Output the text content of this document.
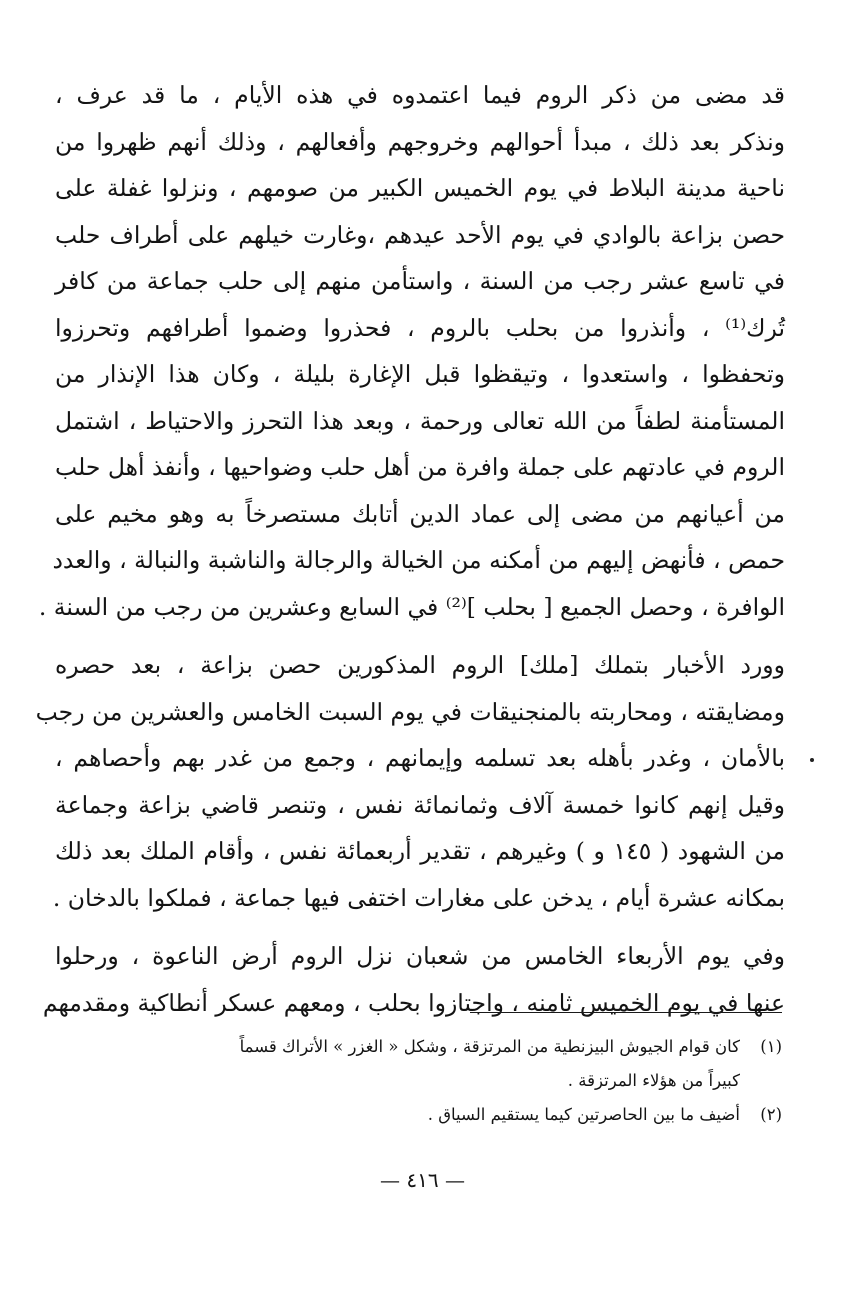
قد مضى من ذكر الروم فيما اعتمدوه في هذه الأيام ، ما قد عرف ،
ونذكر بعد ذلك ، مبدأ أحوالهم وخروجهم وأفعالهم ، وذلك أنهم ظهروا من
ناحية مدينة البلاط في يوم الخميس الكبير من صومهم ، ونزلوا غفلة على
حصن بزاعة بالوادي في يوم الأحد عيدهم ،وغارت خيلهم على أطراف حلب
في تاسع عشر رجب من السنة ، واستأمن منهم إلى حلب جماعة من كافر
تُرك⁽¹⁾ ، وأنذروا من بحلب بالروم ، فحذروا وضموا أطرافهم وتحرزوا
وتحفظوا ، واستعدوا ، وتيقظوا قبل الإغارة بليلة ، وكان هذا الإنذار من
المستأمنة لطفاً من الله تعالى ورحمة ، وبعد هذا التحرز والاحتياط ، اشتمل
الروم في عادتهم على جملة وافرة من أهل حلب وضواحيها ، وأنفذ أهل حلب
من أعيانهم من مضى إلى عماد الدين أتابك مستصرخاً به وهو مخيم على
حمص ، فأنهض إليهم من أمكنه من الخيالة والرجالة والناشبة والنبالة ، والعدد
الوافرة ، وحصل الجميع [ بحلب ]⁽²⁾ في السابع وعشرين من رجب من السنة .

وورد الأخبار بتملك [ملك] الروم المذكورين حصن بزاعة ، بعد حصره
ومضايقته ، ومحاربته بالمنجنيقات في يوم السبت الخامس والعشرين من رجب
بالأمان ، وغدر بأهله بعد تسلمه وإيمانهم ، وجمع من غدر بهم وأحصاهم ،
وقيل إنهم كانوا خمسة آلاف وثمانمائة نفس ، وتنصر قاضي بزاعة وجماعة
من الشهود ( ١٤٥ و ) وغيرهم ، تقدير أربعمائة نفس ، وأقام الملك بعد ذلك
بمكانه عشرة أيام ، يدخن على مغارات اختفى فيها جماعة ، فملكوا بالدخان .

وفي يوم الأربعاء الخامس من شعبان نزل الروم أرض الناعوة ، ورحلوا
عنها في يوم الخميس ثامنه ، واجتازوا بحلب ، ومعهم عسكر أنطاكية ومقدمهم

(١)
كان قوام الجيوش البيزنطية من المرتزقة ، وشكل « الغزر » الأتراك قسماً
كبيراً من هؤلاء المرتزقة .
(٢)
أضيف ما بين الحاصرتين كيما يستقيم السياق .
— ٤١٦ —
